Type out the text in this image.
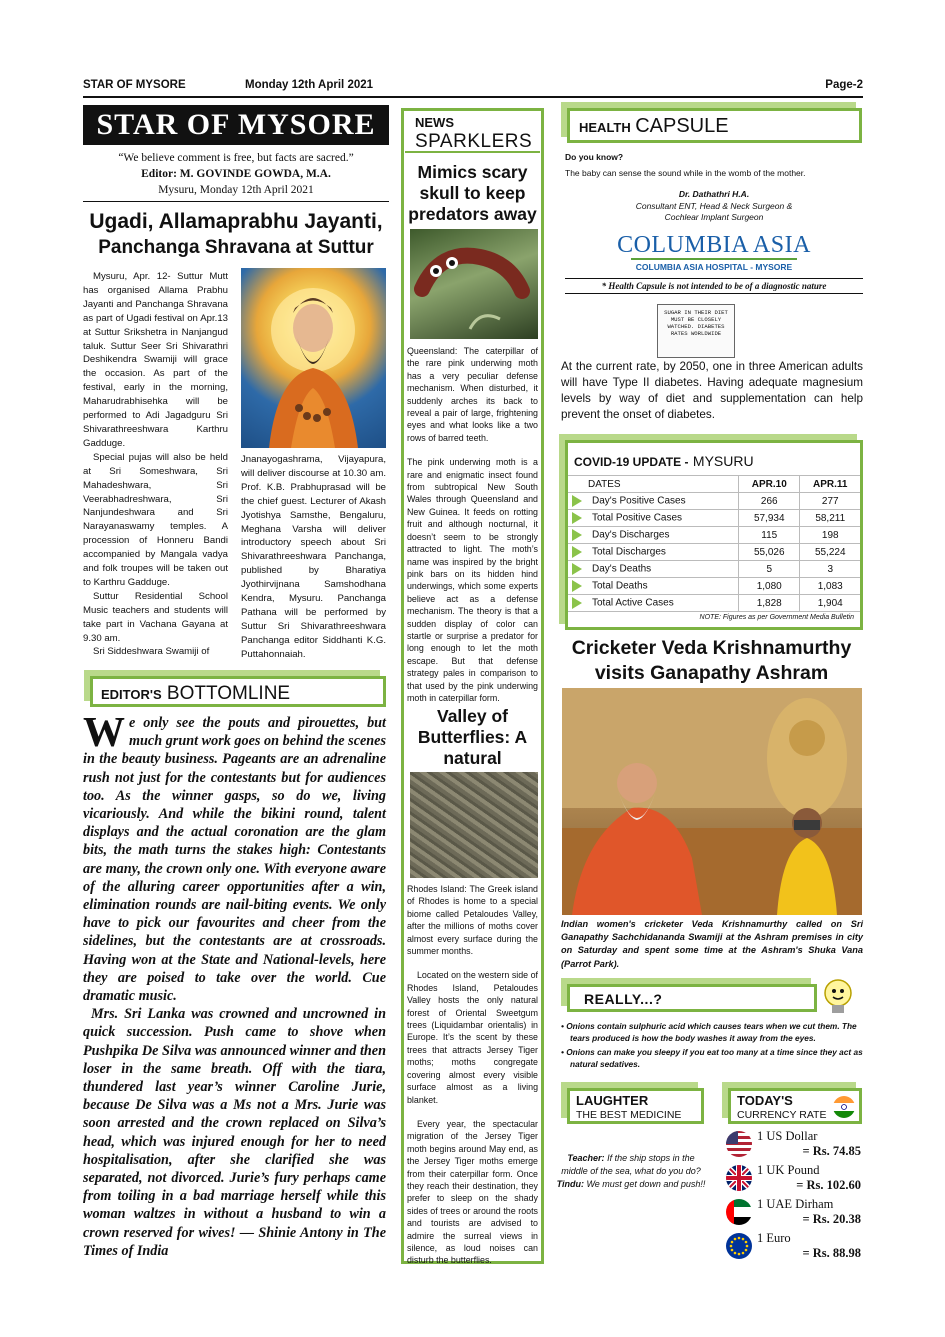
STAR OF MYSORE	Monday 12th April 2021	Page-2
STAR OF MYSORE
“We believe comment is free, but facts are sacred.”
Editor: M. GOVINDE GOWDA, M.A.
Mysuru, Monday 12th April 2021
Ugadi, Allamaprabhu Jayanti,
Panchanga Shravana at Suttur

Mysuru, Apr. 12- Suttur Mutt has organised Allama Prabhu Jayanti and Panchanga Shravana as part of Ugadi festival on Apr.13 at Suttur Srikshetra in Nanjangud taluk. Suttur Seer Sri Shivarathri Deshikendra Swamiji will grace the occasion. As part of the festival, early in the morning, Maharudrabhisehka will be performed to Adi Jagadguru Sri Shivarathreeshwara Karthru Gadduge.

Special pujas will also be held at Sri Someshwara, Sri Mahadeshwara, Sri Veerabhadreshwara, Sri Nanjundeshwara and Sri Narayanaswamy temples. A procession of Honneru Bandi accompanied by Mangala vadya and folk troupes will be taken out to Karthru Gadduge.

Suttur Residential School Music teachers and students will take part in Vachana Gayana at 9.30 am.

Sri Siddeshwara Swamiji of

Jnanayogashrama, Vijayapura, will deliver discourse at 10.30 am. Prof. K.B. Prabhuprasad will be the chief guest. Lecturer of Akash Jyotishya Samsthe, Bengaluru, Meghana Varsha will deliver introductory speech about Sri Shivarathreeshwara Panchanga, published by Bharatiya Jyothirvijnana Samshodhana Kendra, Mysuru. Panchanga Pathana will be performed by Suttur Sri Shivarathreeshwara Panchanga editor Siddhanti K.G. Puttahonnaiah.

EDITOR'S BOTTOMLINE
We only see the pouts and pirouettes, but much grunt work goes on behind the scenes in the beauty business. Pageants are an adrenaline rush not just for the contestants but for audiences too. As the winner gasps, so do we, living vicariously. And while the bikini round, talent displays and the actual coronation are the glam bits, the math turns the stakes high: Contestants are many, the crown only one. With everyone aware of the alluring career opportunities after a win, elimination rounds are nail-biting events. We only have to pick our favourites and cheer from the sidelines, but the contestants are at crossroads. Having won at the State and National-levels, here they are poised to take over the world. Cue dramatic music.
Mrs. Sri Lanka was crowned and uncrowned in quick succession. Push came to shove when Pushpika De Silva was announced winner and then loser in the same breath. Off with the tiara, thundered last year’s winner Caroline Jurie, because De Silva was a Ms not a Mrs. Jurie was soon arrested and the crown replaced on Silva’s head, which was injured enough for her to need hospitalisation, after she clarified she was separated, not divorced. Jurie’s fury perhaps came from toiling in a bad marriage herself while this woman waltzes in without a husband to win a crown reserved for wives! — Shinie Antony in The Times of India
NEWS
SPARKLERS
Mimics scary skull to keep predators away

Queensland: The caterpillar of the rare pink underwing moth has a very peculiar defense mechanism. When disturbed, it suddenly arches its back to reveal a pair of large, frightening eyes and what looks like a two rows of barred teeth.

The pink underwing moth is a rare and enigmatic insect found from subtropical New South Wales through Queensland and New Guinea. It feeds on rotting fruit and although nocturnal, it doesn’t seem to be strongly attracted to light. The moth’s name was inspired by the bright pink bars on its hidden hind underwings, which some experts believe act as a defense mechanism. The theory is that a sudden display of color can startle or surprise a predator for long enough to let the moth escape. But that defense strategy pales in comparison to that used by the pink underwing moth in caterpillar form.

Valley of Butterflies: A natural

Rhodes Island: The Greek island of Rhodes is home to a special biome called Petaloudes Valley, after the millions of moths cover almost every surface during the summer months.

Located on the western side of Rhodes Island, Petaloudes Valley hosts the only natural forest of Oriental Sweetgum trees (Liquidambar orientalis) in Europe. It’s the scent by these trees that attracts Jersey Tiger moths; moths congregate covering almost every visible surface almost as a living blanket.

Every year, the spectacular migration of the Jersey Tiger moth begins around May end, as the Jersey Tiger moths emerge from their caterpillar form. Once they reach their destination, they prefer to sleep on the shady sides of trees or around the roots and tourists are advised to admire the surreal views in silence, as loud noises can disturb the butterflies.

HEALTH CAPSULE
Do you know?
The baby can sense the sound while in the womb of the mother.
Dr. Dathathri H.A.
Consultant ENT, Head & Neck Surgeon &
Cochlear Implant Surgeon
COLUMBIA ASIA
COLUMBIA ASIA HOSPITAL - MYSORE
* Health Capsule is not intended to be of a diagnostic nature
SUGAR IN THEIR DIET MUST BE CLOSELY WATCHED. DIABETES RATES WORLDWIDE
At the current rate, by 2050, one in three American adults will have Type II diabetes. Having adequate magnesium levels by way of diet and supplementation can help prevent the onset of diabetes.
COVID-19 UPDATE - MYSURU
DATES	APR.10	APR.11
Day's Positive Cases	266	277
Total Positive Cases	57,934	58,211
Day's Discharges	115	198
Total Discharges	55,026	55,224
Day's Deaths	5	3
Total Deaths	1,080	1,083
Total Active Cases	1,828	1,904
NOTE: Figures as per Government Media Bulletin
Cricketer Veda Krishnamurthy
visits Ganapathy Ashram
Indian women's cricketer Veda Krishnamurthy called on Sri Ganapathy Sachchidananda Swamiji at the Ashram premises in city on Saturday and spent some time at the Ashram's Shuka Vana (Parrot Park).
REALLY...?
• Onions contain sulphuric acid which causes tears when we cut them. The tears produced is how the body washes it away from the eyes.
• Onions can make you sleepy if you eat too many at a time since they act as natural sedatives.
LAUGHTER
THE BEST MEDICINE
Teacher: If the ship stops in the middle of the sea, what do you do?
Tindu: We must get down and push!!
TODAY'S
CURRENCY RATE
1 US Dollar
= Rs. 74.85
1 UK Pound
= Rs. 102.60
1 UAE Dirham
= Rs. 20.38
1 Euro
= Rs. 88.98
